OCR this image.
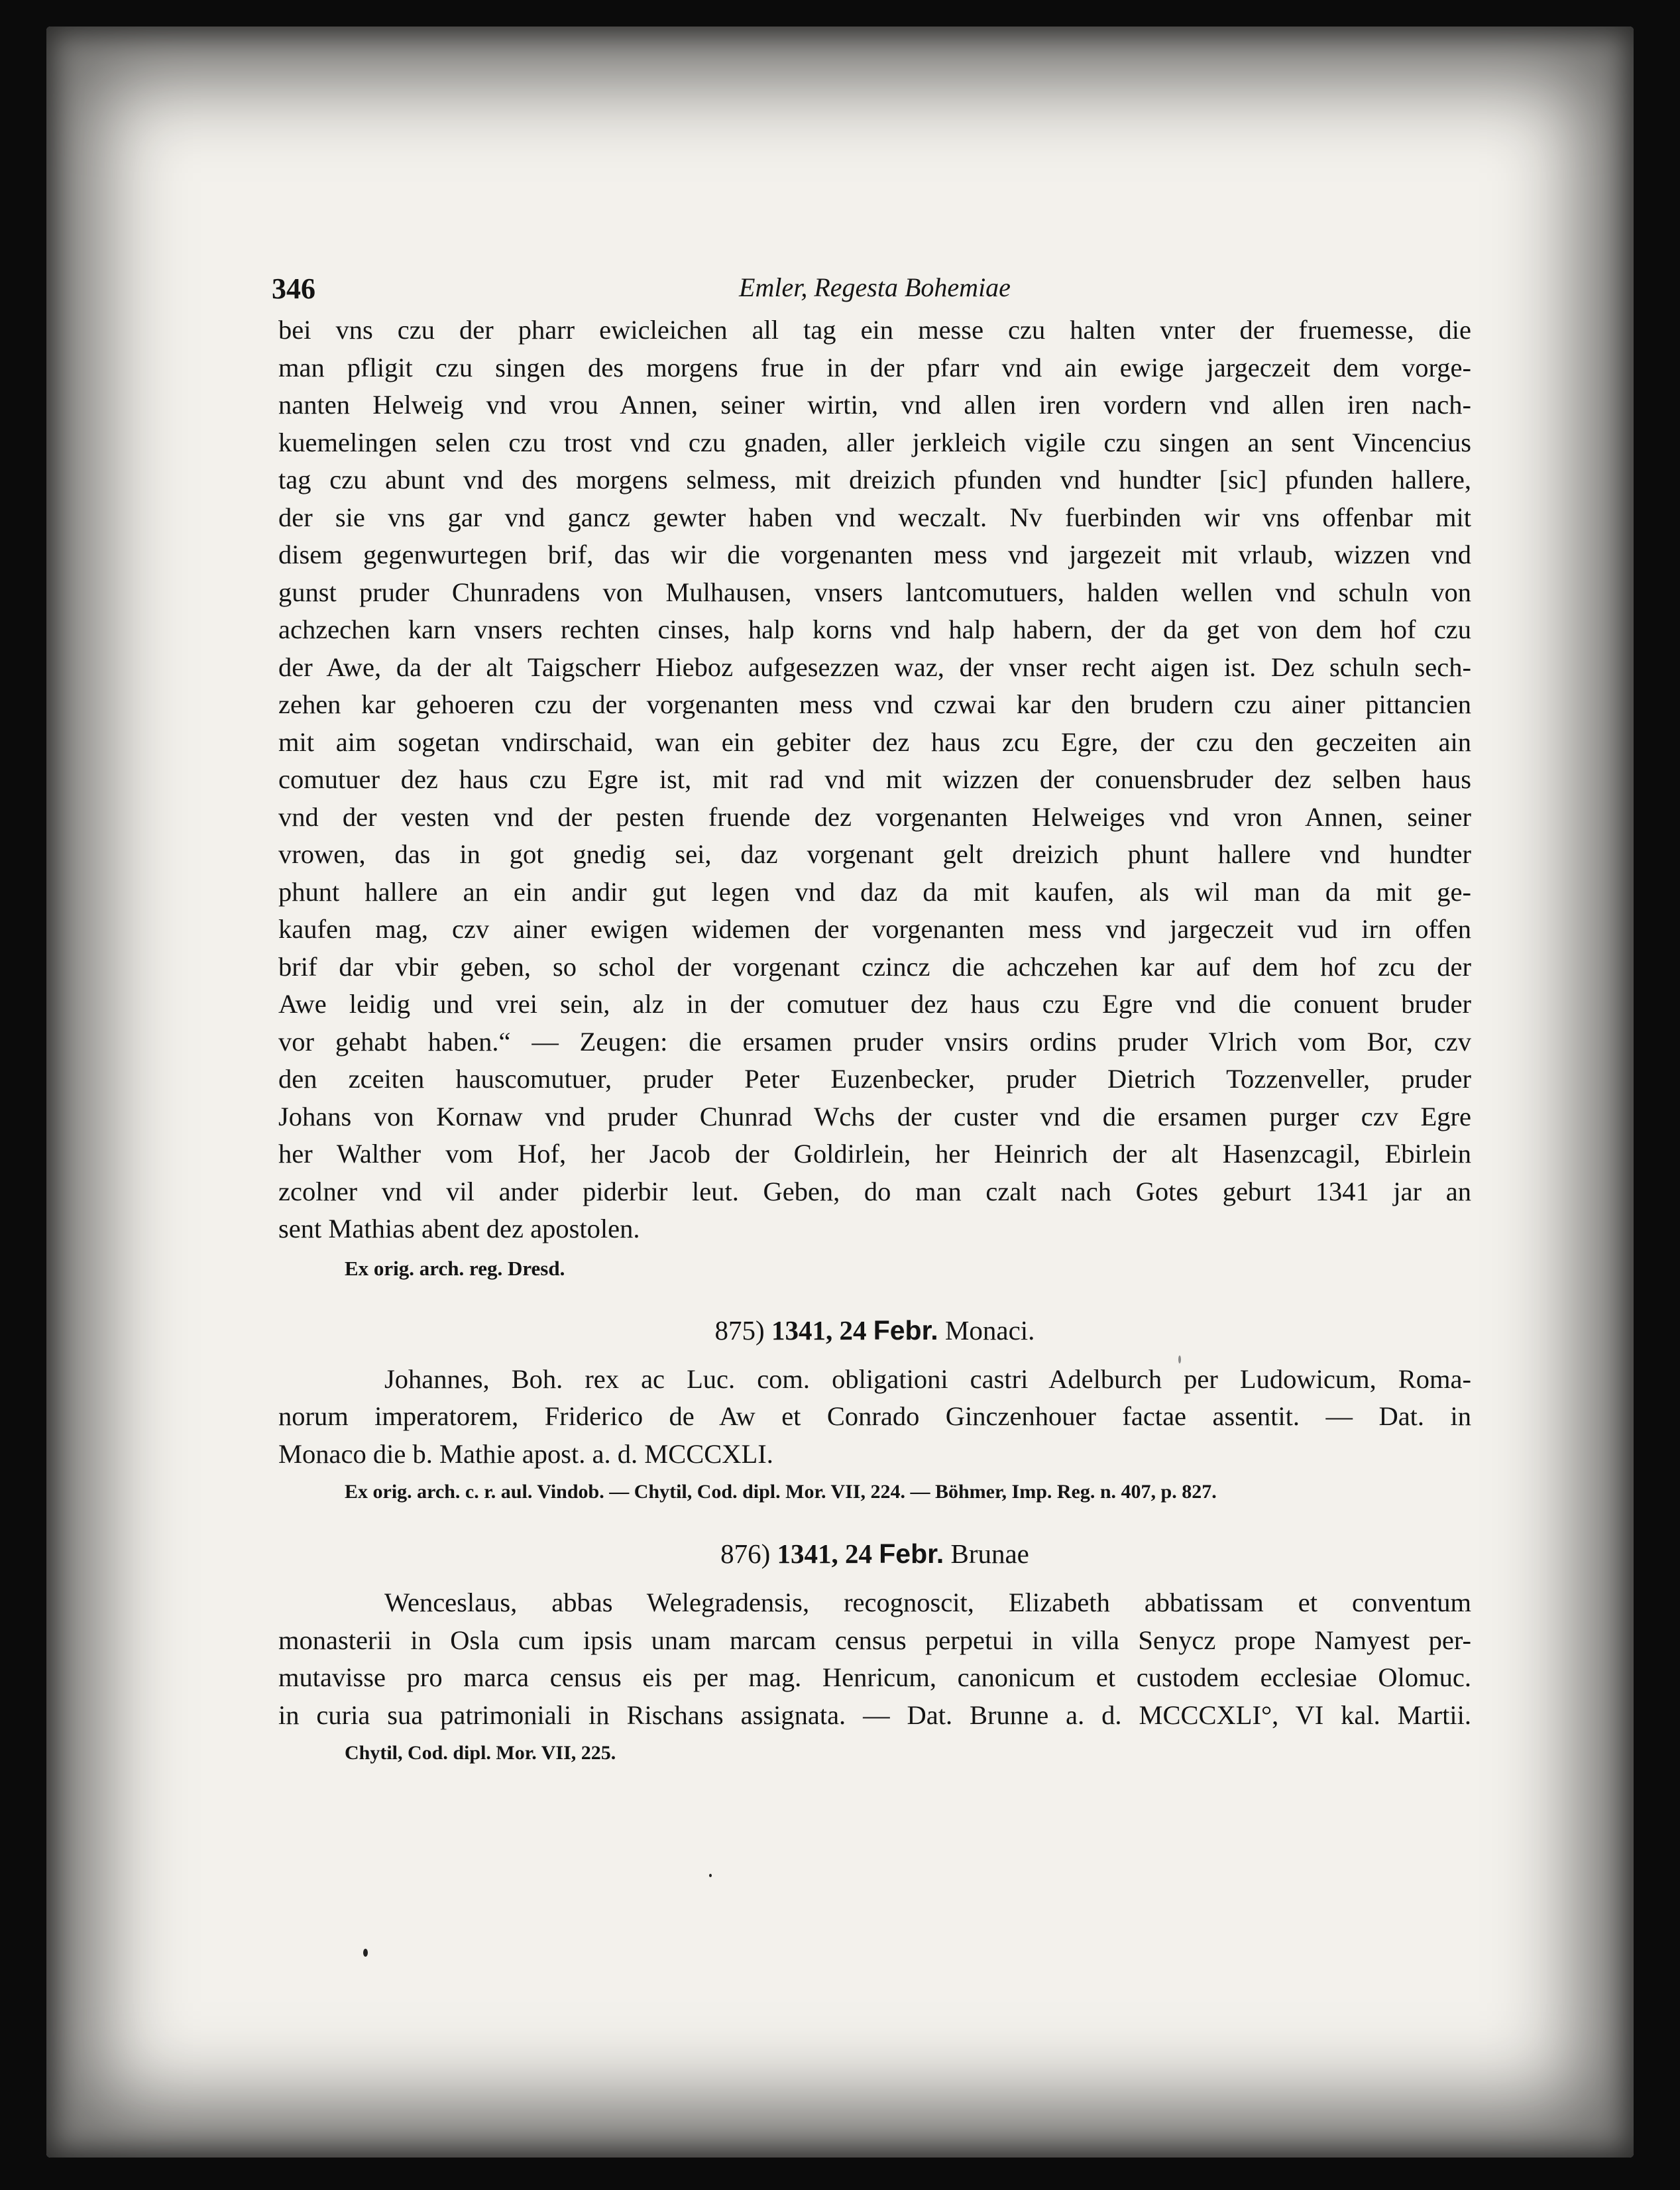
346	Emler, Regesta Bohemiae
bei vns czu der pharr ewicleichen all tag ein messe czu halten vnter der fruemesse, die
man pfligit czu singen des morgens frue in der pfarr vnd ain ewige jargeczeit dem vorge-
nanten Helweig vnd vrou Annen, seiner wirtin, vnd allen iren vordern vnd allen iren nach-
kuemelingen selen czu trost vnd czu gnaden, aller jerkleich vigile czu singen an sent Vincencius
tag czu abunt vnd des morgens selmess, mit dreizich pfunden vnd hundter [sic] pfunden hallere,
der sie vns gar vnd gancz gewter haben vnd weczalt. Nv fuerbinden wir vns offenbar mit
disem gegenwurtegen brif, das wir die vorgenanten mess vnd jargezeit mit vrlaub, wizzen vnd
gunst pruder Chunradens von Mulhausen, vnsers lantcomutuers, halden wellen vnd schuln von
achzechen karn vnsers rechten cinses, halp korns vnd halp habern, der da get von dem hof czu
der Awe, da der alt Taigscherr Hieboz aufgesezzen waz, der vnser recht aigen ist. Dez schuln sech-
zehen kar gehoeren czu der vorgenanten mess vnd czwai kar den brudern czu ainer pittancien
mit aim sogetan vndirschaid, wan ein gebiter dez haus zcu Egre, der czu den geczeiten ain
comutuer dez haus czu Egre ist, mit rad vnd mit wizzen der conuensbruder dez selben haus
vnd der vesten vnd der pesten fruende dez vorgenanten Helweiges vnd vron Annen, seiner
vrowen, das in got gnedig sei, daz vorgenant gelt dreizich phunt hallere vnd hundter
phunt hallere an ein andir gut legen vnd daz da mit kaufen, als wil man da mit ge-
kaufen mag, czv ainer ewigen widemen der vorgenanten mess vnd jargeczeit vud irn offen
brif dar vbir geben, so schol der vorgenant czincz die achczehen kar auf dem hof zcu der
Awe leidig und vrei sein, alz in der comutuer dez haus czu Egre vnd die conuent bruder
vor gehabt haben.“ — Zeugen: die ersamen pruder vnsirs ordins pruder Vlrich vom Bor, czv
den zceiten hauscomutuer, pruder Peter Euzenbecker, pruder Dietrich Tozzenveller, pruder
Johans von Kornaw vnd pruder Chunrad Wchs der custer vnd die ersamen purger czv Egre
her Walther vom Hof, her Jacob der Goldirlein, her Heinrich der alt Hasenzcagil, Ebirlein
zcolner vnd vil ander piderbir leut. Geben, do man czalt nach Gotes geburt 1341 jar an
sent Mathias abent dez apostolen.
Ex orig. arch. reg. Dresd.
875) 1341, 24 Febr. Monaci.
Johannes, Boh. rex ac Luc. com. obligationi castri Adelburch per Ludowicum, Roma-
norum imperatorem, Friderico de Aw et Conrado Ginczenhouer factae assentit. — Dat. in
Monaco die b. Mathie apost. a. d. MCCCXLI.
Ex orig. arch. c. r. aul. Vindob. — Chytil, Cod. dipl. Mor. VII, 224. — Böhmer, Imp. Reg. n. 407, p. 827.
876) 1341, 24 Febr. Brunae
Wenceslaus, abbas Welegradensis, recognoscit, Elizabeth abbatissam et conventum
monasterii in Osla cum ipsis unam marcam census perpetui in villa Senycz prope Namyest per-
mutavisse pro marca census eis per mag. Henricum, canonicum et custodem ecclesiae Olomuc.
in curia sua patrimoniali in Rischans assignata. — Dat. Brunne a. d. MCCCXLI°, VI kal. Martii.
Chytil, Cod. dipl. Mor. VII, 225.
